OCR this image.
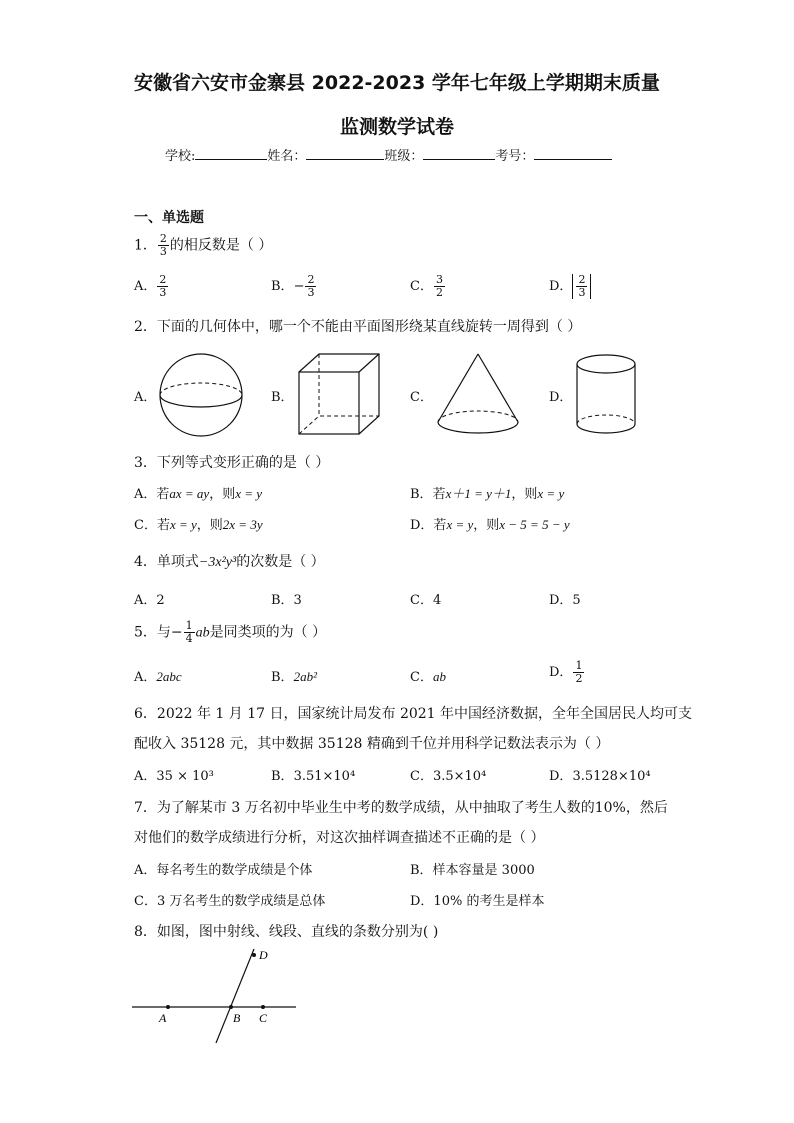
安徽省六安市金寨县 2022-2023 学年七年级上学期期末质量
监测数学试卷
学校:	姓名：	班级：	考号：
一、单选题
1． $\frac{2}{3}$ 的相反数是（ ）
A． $\frac{2}{3}$	B．− $\frac{2}{3}$	C． $\frac{3}{2}$	D． $\frac{2}{3}$
2．下面的几何体中，哪一个不能由平面图形绕某直线旋转一周得到（ ）
A．	B．	C．	D．
3．下列等式变形正确的是（ ）
A．若ax = ay，则x = y	B．若x＋1 = y＋1，则x = y
C．若x = y，则2x = 3y	D．若x = y，则x − 5 = 5 − y
4．单项式−3x²y³的次数是（ ）
A．2	B．3	C．4	D．5
5．与− $\frac{1}{4}$ ab是同类项的为（ ）
A．2abc	B．2ab²	C．ab	D． $\frac{1}{2}$
6．2022 年 1 月 17 日，国家统计局发布 2021 年中国经济数据，全年全国居民人均可支
配收入 35128 元，其中数据 35128 精确到千位并用科学记数法表示为（ ）
A．35 × 10³	B．3.51×10⁴	C．3.5×10⁴	D．3.5128×10⁴
7．为了解某市 3 万名初中毕业生中考的数学成绩，从中抽取了考生人数的10%，然后
对他们的数学成绩进行分析，对这次抽样调查描述不正确的是（ ）
A．每名考生的数学成绩是个体	B．样本容量是 3000
C．3 万名考生的数学成绩是总体	D．10% 的考生是样本
8．如图，图中射线、线段、直线的条数分别为( )
A	B C
D
